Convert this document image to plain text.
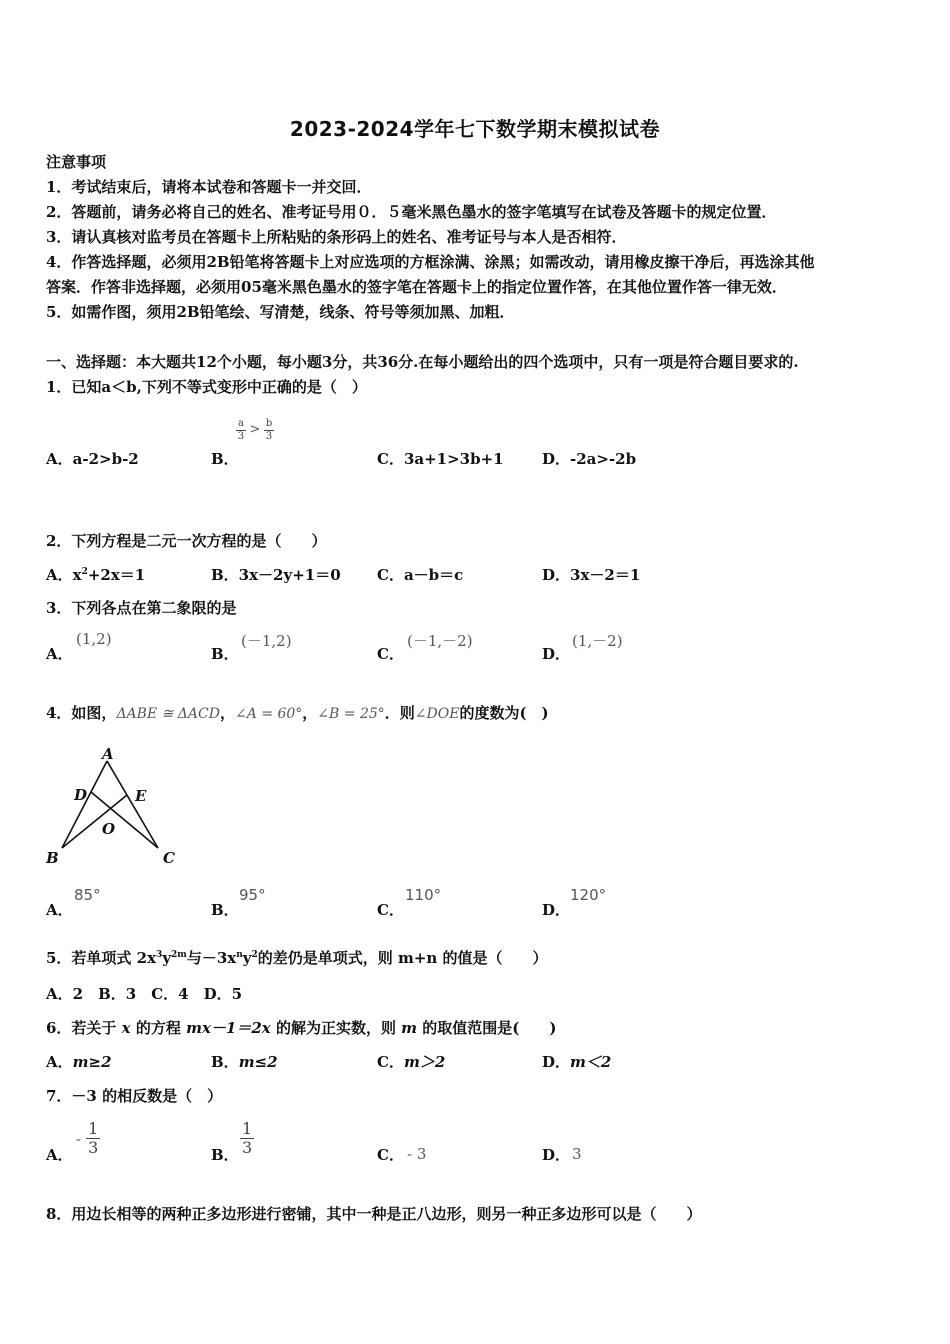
2023-2024学年七下数学期末模拟试卷
注意事项
1．考试结束后，请将本试卷和答题卡一并交回．
2．答题前，请务必将自己的姓名、准考证号用０．５毫米黑色墨水的签字笔填写在试卷及答题卡的规定位置．
3．请认真核对监考员在答题卡上所粘贴的条形码上的姓名、准考证号与本人是否相符．
4．作答选择题，必须用2B铅笔将答题卡上对应选项的方框涂满、涂黑；如需改动，请用橡皮擦干净后，再选涂其他
答案．作答非选择题，必须用05毫米黑色墨水的签字笔在答题卡上的指定位置作答，在其他位置作答一律无效．
5．如需作图，须用2B铅笔绘、写清楚，线条、符号等须加黑、加粗．
一、选择题：本大题共12个小题，每小题3分，共36分.在每小题给出的四个选项中，只有一项是符合题目要求的.
1．已知a＜b,下列不等式变形中正确的是（　）
A．a-2>b-2	B．
$\frac{a}{3} > \frac{b}{3}$
C．3a+1>3b+1	D．-2a>-2b
2．下列方程是二元一次方程的是（　　）
A．$x^2+2x=1$	B．3x－2y+1＝0 C．a－b＝c	D．3x－2＝1
3．下列各点在第二象限的是
A．
(1,2)
B．
(－1,2)
C．
(－1,－2)
D．
(1,－2)
4．如图，ΔABE ≅ ΔACD，∠A = 60°，∠B = 25°．则∠DOE的度数为(　)
A
D	E
O
B	C
A．
85°
B．
95°
C．
110°
D．
120°
5．若单项式 $2x^3y^{2m}$与$-3x^ny^2$的差仍是单项式，则 m+n 的值是（　　）
A．2　B．3　C．4　D．5
6．若关于 x 的方程 mx－1＝2x 的解为正实数，则 m 的取值范围是(　　)
A．m≥2	B．m≤2	C．m＞2	D．m＜2
7．－3 的相反数是（　）
A．
- $\frac{1}{3}$	B． $\frac{1}{3}$	C． - 3	D． 3
8．用边长相等的两种正多边形进行密铺，其中一种是正八边形，则另一种正多边形可以是（　　）
